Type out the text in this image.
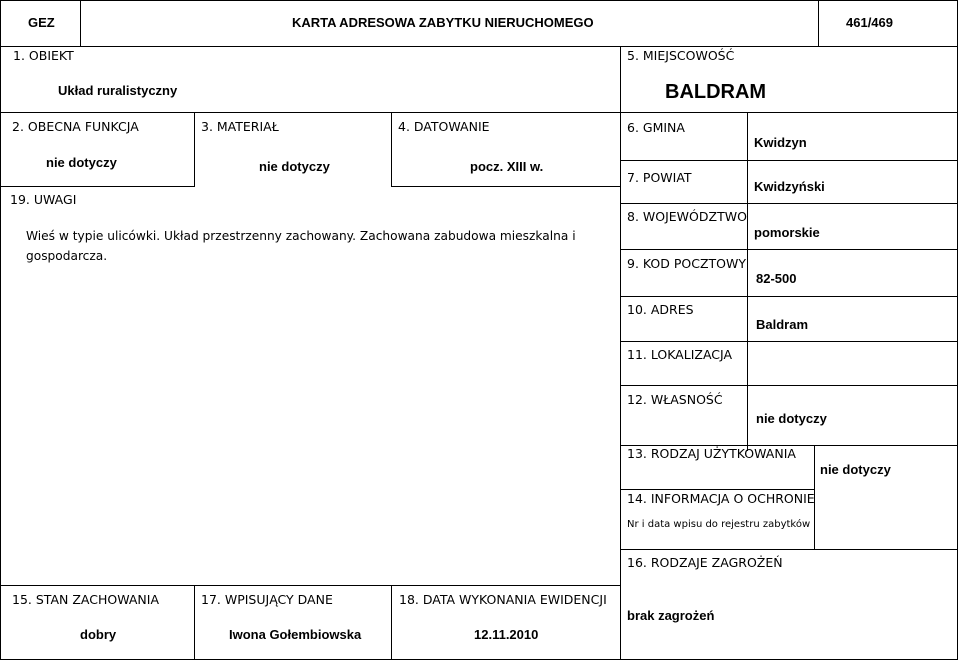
GEZ	KARTA ADRESOWA ZABYTKU NIERUCHOMEGO	461/469
1. OBIEKT
Układ ruralistyczny
2. OBECNA FUNKCJA
nie dotyczy
3. MATERIAŁ
nie dotyczy
4. DATOWANIE
pocz. XIII w.
19. UWAGI
Wieś w typie ulicówki. Układ przestrzenny zachowany. Zachowana zabudowa mieszkalna i
gospodarcza.
5. MIEJSCOWOŚĆ
BALDRAM
6. GMINA
Kwidzyn
7. POWIAT
Kwidzyński
8. WOJEWÓDZTWO
pomorskie
9. KOD POCZTOWY
82-500
10. ADRES
Baldram
11. LOKALIZACJA
12. WŁASNOŚĆ
nie dotyczy
13. RODZAJ UŻYTKOWANIA
nie dotyczy
14. INFORMACJA O OCHRONIE
Nr i data wpisu do rejestru zabytków
16. RODZAJE ZAGROŻEŃ
brak zagrożeń
15. STAN ZACHOWANIA
dobry
17. WPISUJĄCY DANE
Iwona Gołembiowska
18. DATA WYKONANIA EWIDENCJI
12.11.2010
